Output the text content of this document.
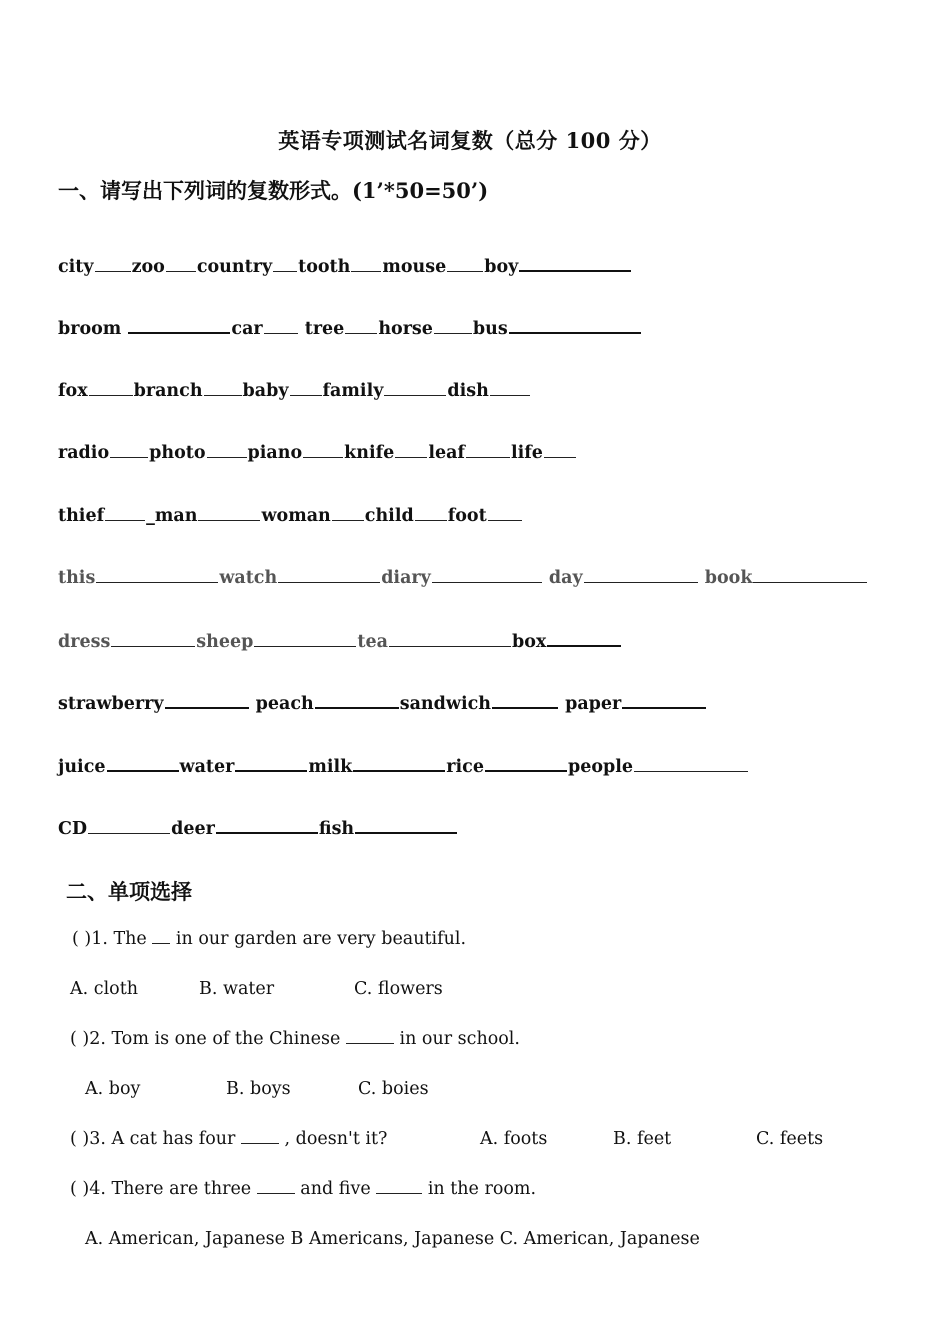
英语专项测试名词复数（总分 100 分）
一、请写出下列词的复数形式。(1’*50=50’)
city zoo country tooth mouse boy
broom	car tree horse bus
fox	branch baby family	dish
radio photo piano knife leaf	life
thief _man	woman child foot
this	watch	diary	day	book
dress	sheep	tea	box
strawberry	peach	sandwich	paper
juice	water	milk	rice	people
CD	deer	fish
二、单项选择
( )1. The  in our garden are very beautiful.
A. cloth	B. water	C. flowers
( )2. Tom is one of the Chinese	in our school.
A. boy	B. boys	C. boies
( )3. A cat has four  , doesn't it?	A. foots	B. feet	C. feets
( )4. There are three  and five	in the room.
A. American, Japanese B Americans, Japanese C. American, Japanese
